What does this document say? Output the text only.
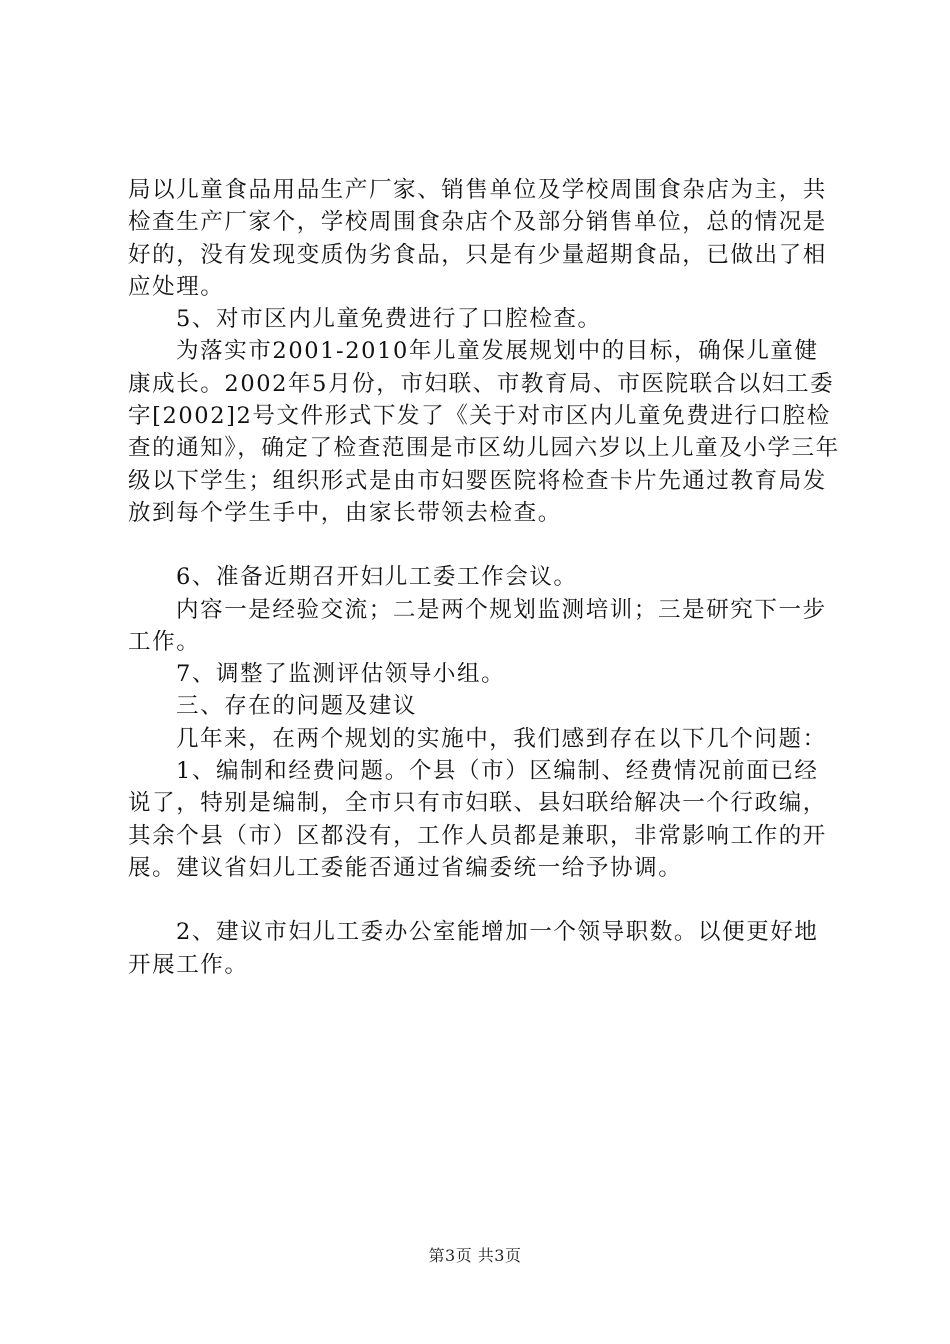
局以儿童食品用品生产厂家、销售单位及学校周围食杂店为主，共检查生产厂家个，学校周围食杂店个及部分销售单位，总的情况是好的，没有发现变质伪劣食品，只是有少量超期食品，已做出了相应处理。

5、对市区内儿童免费进行了口腔检查。

为落实市2001-2010年儿童发展规划中的目标，确保儿童健康成长。2002年5月份，市妇联、市教育局、市医院联合以妇工委字[2002]2号文件形式下发了《关于对市区内儿童免费进行口腔检查的通知》，确定了检查范围是市区幼儿园六岁以上儿童及小学三年级以下学生；组织形式是由市妇婴医院将检查卡片先通过教育局发放到每个学生手中，由家长带领去检查。

6、准备近期召开妇儿工委工作会议。

内容一是经验交流；二是两个规划监测培训；三是研究下一步工作。

7、调整了监测评估领导小组。

三、存在的问题及建议

几年来，在两个规划的实施中，我们感到存在以下几个问题：

1、编制和经费问题。个县（市）区编制、经费情况前面已经说了，特别是编制，全市只有市妇联、县妇联给解决一个行政编，其余个县（市）区都没有，工作人员都是兼职，非常影响工作的开展。建议省妇儿工委能否通过省编委统一给予协调。

2、建议市妇儿工委办公室能增加一个领导职数。以便更好地开展工作。

第3页 共3页
